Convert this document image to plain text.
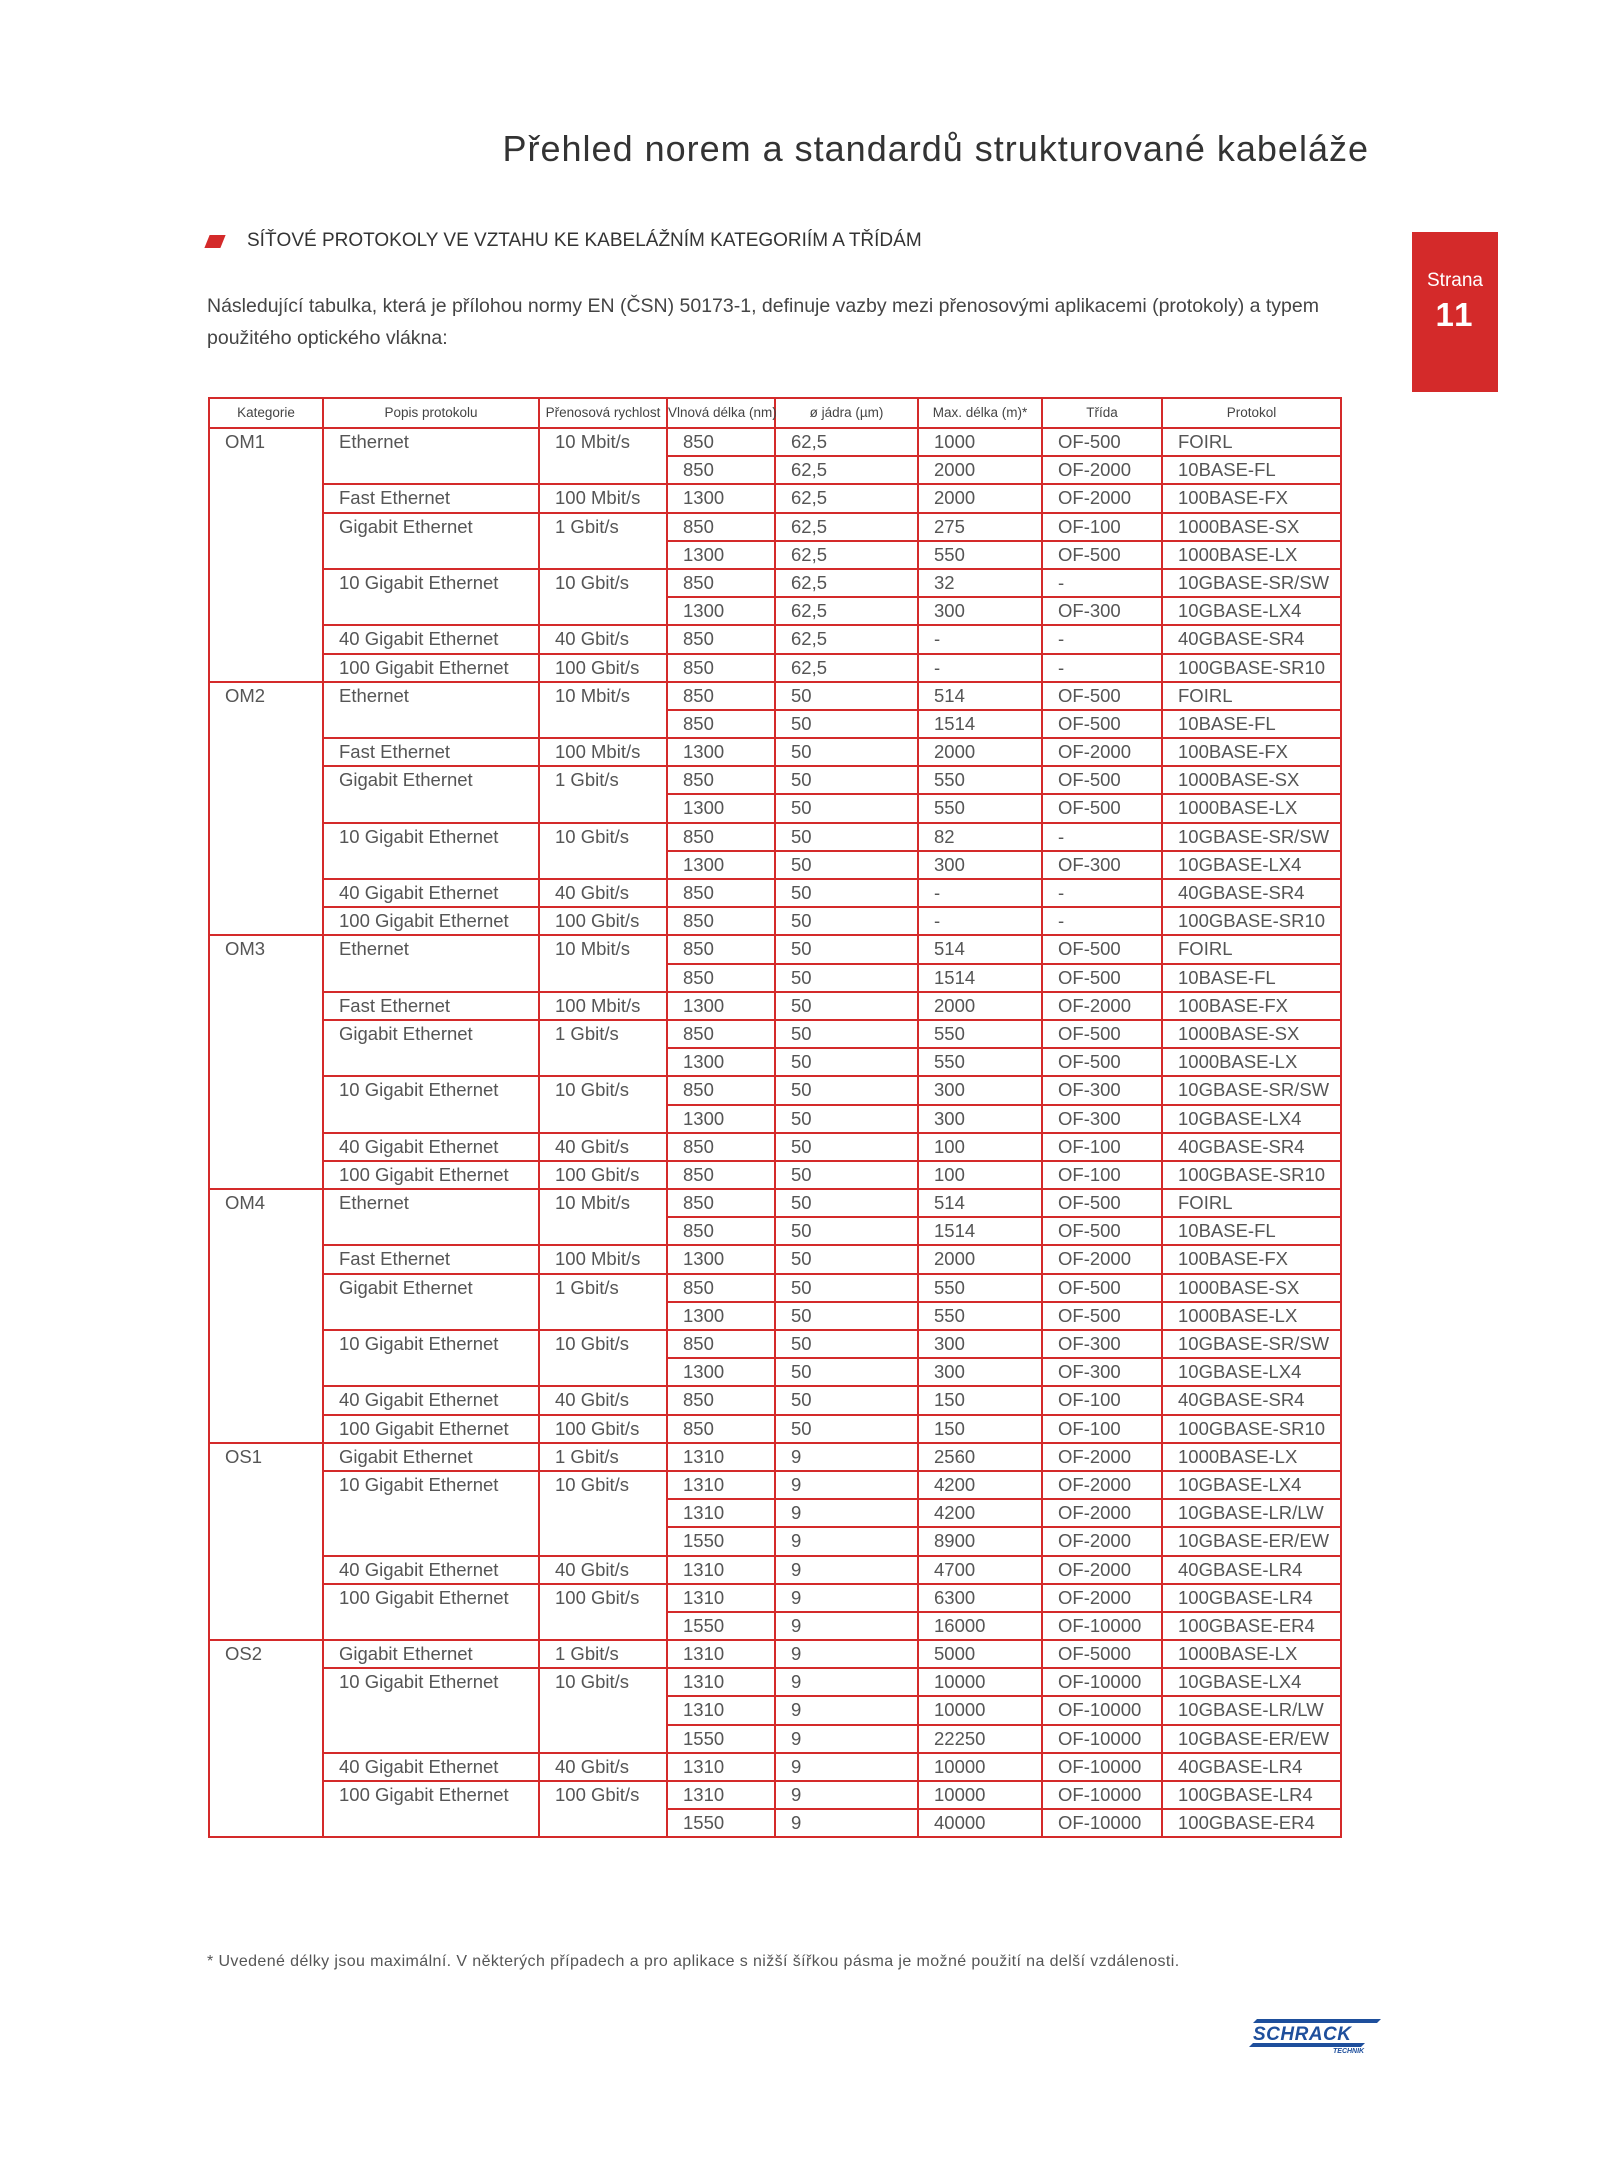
Přehled norem a standardů strukturované kabeláže
Strana
11
SÍŤOVÉ PROTOKOLY VE VZTAHU KE KABELÁŽNÍM KATEGORIÍM A TŘÍDÁM

Následující tabulka, která je přílohou normy EN (ČSN) 50173-1, definuje vazby mezi přenosovými aplikacemi (protokoly) a typem použitého optického vlákna:

Kategorie	Popis protokolu	Přenosová rychlost	Vlnová délka (nm)	ø jádra (µm)	Max. délka (m)*	Třída	Protokol
OM1	Ethernet	10 Mbit/s	850	62,5	1000	OF-500	FOIRL
			850	62,5	2000	OF-2000	10BASE-FL
	Fast Ethernet	100 Mbit/s	1300	62,5	2000	OF-2000	100BASE-FX
	Gigabit Ethernet	1 Gbit/s	850	62,5	275	OF-100	1000BASE-SX
			1300	62,5	550	OF-500	1000BASE-LX
	10 Gigabit Ethernet	10 Gbit/s	850	62,5	32	-	10GBASE-SR/SW
			1300	62,5	300	OF-300	10GBASE-LX4
	40 Gigabit Ethernet	40 Gbit/s	850	62,5	-	-	40GBASE-SR4
	100 Gigabit Ethernet	100 Gbit/s	850	62,5	-	-	100GBASE-SR10
OM2	Ethernet	10 Mbit/s	850	50	514	OF-500	FOIRL
			850	50	1514	OF-500	10BASE-FL
	Fast Ethernet	100 Mbit/s	1300	50	2000	OF-2000	100BASE-FX
	Gigabit Ethernet	1 Gbit/s	850	50	550	OF-500	1000BASE-SX
			1300	50	550	OF-500	1000BASE-LX
	10 Gigabit Ethernet	10 Gbit/s	850	50	82	-	10GBASE-SR/SW
			1300	50	300	OF-300	10GBASE-LX4
	40 Gigabit Ethernet	40 Gbit/s	850	50	-	-	40GBASE-SR4
	100 Gigabit Ethernet	100 Gbit/s	850	50	-	-	100GBASE-SR10
OM3	Ethernet	10 Mbit/s	850	50	514	OF-500	FOIRL
			850	50	1514	OF-500	10BASE-FL
	Fast Ethernet	100 Mbit/s	1300	50	2000	OF-2000	100BASE-FX
	Gigabit Ethernet	1 Gbit/s	850	50	550	OF-500	1000BASE-SX
			1300	50	550	OF-500	1000BASE-LX
	10 Gigabit Ethernet	10 Gbit/s	850	50	300	OF-300	10GBASE-SR/SW
			1300	50	300	OF-300	10GBASE-LX4
	40 Gigabit Ethernet	40 Gbit/s	850	50	100	OF-100	40GBASE-SR4
	100 Gigabit Ethernet	100 Gbit/s	850	50	100	OF-100	100GBASE-SR10
OM4	Ethernet	10 Mbit/s	850	50	514	OF-500	FOIRL
			850	50	1514	OF-500	10BASE-FL
	Fast Ethernet	100 Mbit/s	1300	50	2000	OF-2000	100BASE-FX
	Gigabit Ethernet	1 Gbit/s	850	50	550	OF-500	1000BASE-SX
			1300	50	550	OF-500	1000BASE-LX
	10 Gigabit Ethernet	10 Gbit/s	850	50	300	OF-300	10GBASE-SR/SW
			1300	50	300	OF-300	10GBASE-LX4
	40 Gigabit Ethernet	40 Gbit/s	850	50	150	OF-100	40GBASE-SR4
	100 Gigabit Ethernet	100 Gbit/s	850	50	150	OF-100	100GBASE-SR10
OS1	Gigabit Ethernet	1 Gbit/s	1310	9	2560	OF-2000	1000BASE-LX
	10 Gigabit Ethernet	10 Gbit/s	1310	9	4200	OF-2000	10GBASE-LX4
			1310	9	4200	OF-2000	10GBASE-LR/LW
			1550	9	8900	OF-2000	10GBASE-ER/EW
	40 Gigabit Ethernet	40 Gbit/s	1310	9	4700	OF-2000	40GBASE-LR4
	100 Gigabit Ethernet	100 Gbit/s	1310	9	6300	OF-2000	100GBASE-LR4
			1550	9	16000	OF-10000	100GBASE-ER4
OS2	Gigabit Ethernet	1 Gbit/s	1310	9	5000	OF-5000	1000BASE-LX
	10 Gigabit Ethernet	10 Gbit/s	1310	9	10000	OF-10000	10GBASE-LX4
			1310	9	10000	OF-10000	10GBASE-LR/LW
			1550	9	22250	OF-10000	10GBASE-ER/EW
	40 Gigabit Ethernet	40 Gbit/s	1310	9	10000	OF-10000	40GBASE-LR4
	100 Gigabit Ethernet	100 Gbit/s	1310	9	10000	OF-10000	100GBASE-LR4
			1550	9	40000	OF-10000	100GBASE-ER4

* Uvedené délky jsou maximální. V některých případech a pro aplikace s nižší šířkou pásma je možné použití na delší vzdálenosti.

SCHRACK
TECHNIK
